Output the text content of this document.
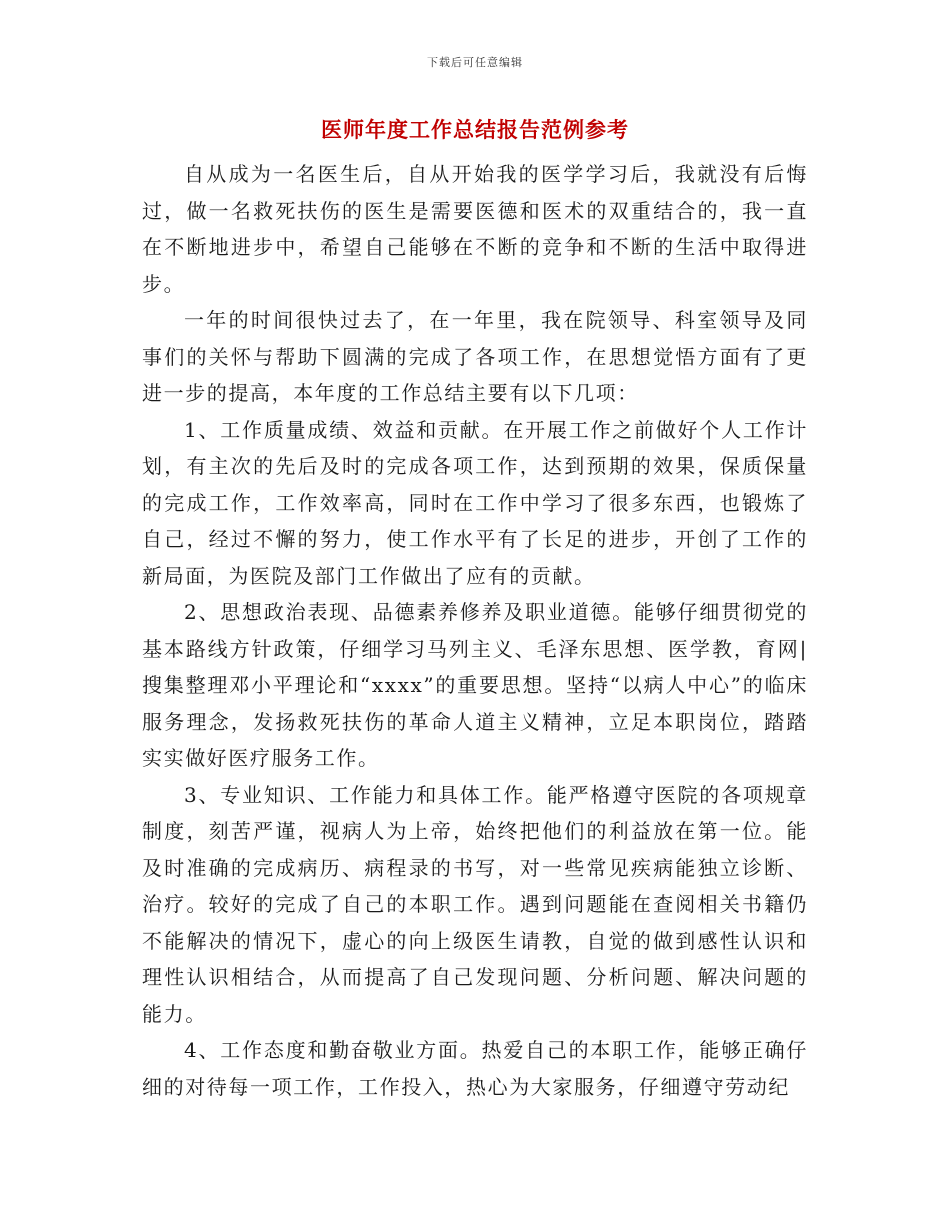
下载后可任意编辑
医师年度工作总结报告范例参考

自从成为一名医生后，自从开始我的医学学习后，我就没有后悔过，做一名救死扶伤的医生是需要医德和医术的双重结合的，我一直在不断地进步中，希望自己能够在不断的竞争和不断的生活中取得进步。

一年的时间很快过去了，在一年里，我在院领导、科室领导及同事们的关怀与帮助下圆满的完成了各项工作，在思想觉悟方面有了更进一步的提高，本年度的工作总结主要有以下几项：

1、工作质量成绩、效益和贡献。在开展工作之前做好个人工作计划，有主次的先后及时的完成各项工作，达到预期的效果，保质保量的完成工作，工作效率高，同时在工作中学习了很多东西，也锻炼了自己，经过不懈的努力，使工作水平有了长足的进步，开创了工作的新局面，为医院及部门工作做出了应有的贡献。

2、思想政治表现、品德素养修养及职业道德。能够仔细贯彻党的基本路线方针政策，仔细学习马列主义、毛泽东思想、医学教，育网|搜集整理邓小平理论和“xxxx”的重要思想。坚持“以病人中心”的临床服务理念，发扬救死扶伤的革命人道主义精神，立足本职岗位，踏踏实实做好医疗服务工作。

3、专业知识、工作能力和具体工作。能严格遵守医院的各项规章制度，刻苦严谨，视病人为上帝，始终把他们的利益放在第一位。能及时准确的完成病历、病程录的书写，对一些常见疾病能独立诊断、治疗。较好的完成了自己的本职工作。遇到问题能在查阅相关书籍仍不能解决的情况下，虚心的向上级医生请教，自觉的做到感性认识和理性认识相结合，从而提高了自己发现问题、分析问题、解决问题的能力。

4、工作态度和勤奋敬业方面。热爱自己的本职工作，能够正确仔细的对待每一项工作，工作投入，热心为大家服务，仔细遵守劳动纪
